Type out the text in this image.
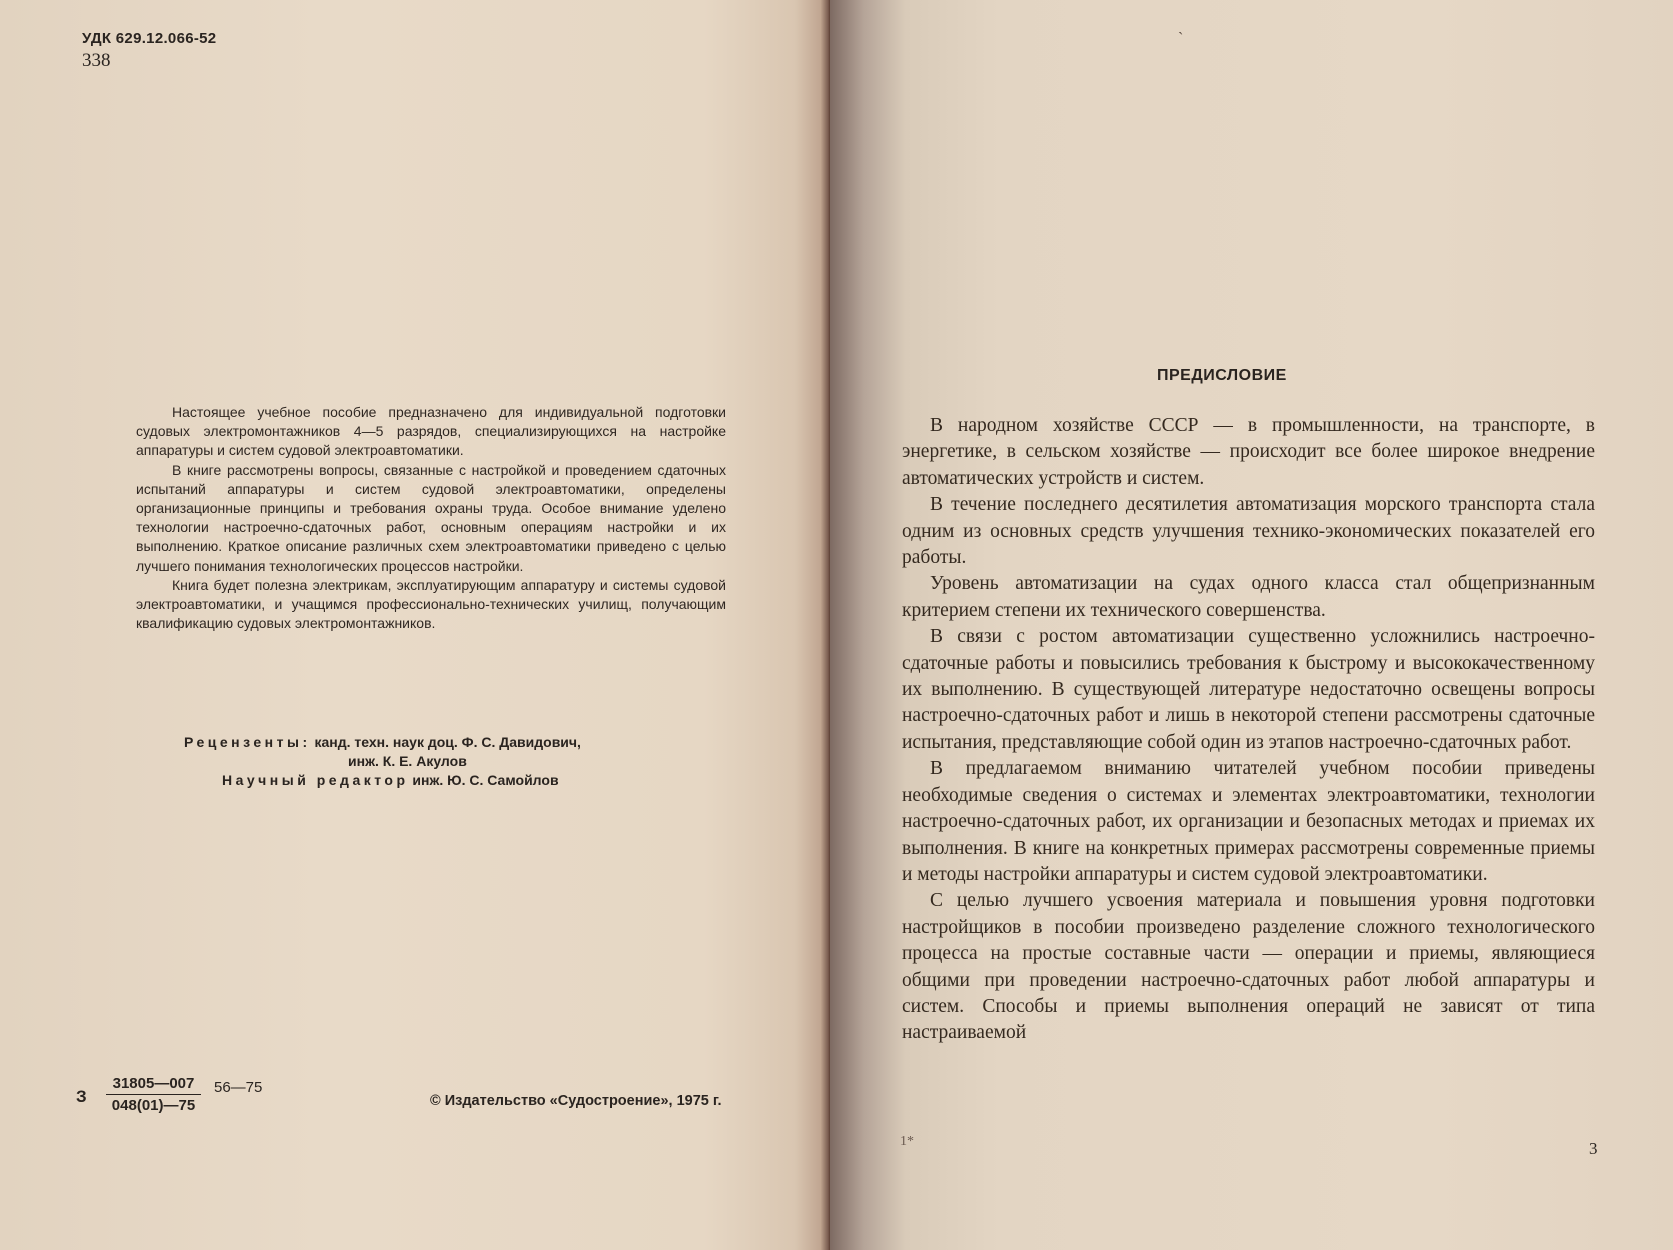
УДК 629.12.066-52
338

Настоящее учебное пособие предназначено для индивидуальной подготовки судовых электромонтажников 4—5 разрядов, специализирующихся на настройке аппаратуры и систем судовой электроавтоматики.

В книге рассмотрены вопросы, связанные с настройкой и проведением сдаточных испытаний аппаратуры и систем судовой электроавтоматики, определены организационные принципы и требования охраны труда. Особое внимание уделено технологии настроечно-сдаточных работ, основным операциям настройки и их выполнению. Краткое описание различных схем электроавтоматики приведено с целью лучшего понимания технологических процессов настройки.

Книга будет полезна электрикам, эксплуатирующим аппаратуру и системы судовой электроавтоматики, и учащимся профессионально-технических училищ, получающим квалификацию судовых электромонтажников.

Рецензенты: канд. техн. наук доц. Ф. С. Давидович,
инж. К. Е. Акулов
Научный редактор инж. Ю. С. Самойлов
З
31805—007
048(01)—75
56—75
© Издательство «Судостроение», 1975 г.
ˎ
ПРЕДИСЛОВИЕ

В народном хозяйстве СССР — в промышленности, на транспорте, в энергетике, в сельском хозяйстве — происходит все более широкое внедрение автоматических устройств и систем.

В течение последнего десятилетия автоматизация морского транспорта стала одним из основных средств улучшения технико-экономических показателей его работы.

Уровень автоматизации на судах одного класса стал общепризнанным критерием степени их технического совершенства.

В связи с ростом автоматизации существенно усложнились настроечно-сдаточные работы и повысились требования к быстрому и высококачественному их выполнению. В существующей литературе недостаточно освещены вопросы настроечно-сдаточных работ и лишь в некоторой степени рассмотрены сдаточные испытания, представляющие собой один из этапов настроечно-сдаточных работ.

В предлагаемом вниманию читателей учебном пособии приведены необходимые сведения о системах и элементах электроавтоматики, технологии настроечно-сдаточных работ, их организации и безопасных методах и приемах их выполнения. В книге на конкретных примерах рассмотрены современные приемы и методы настройки аппаратуры и систем судовой электроавтоматики.

С целью лучшего усвоения материала и повышения уровня подготовки настройщиков в пособии произведено разделение сложного технологического процесса на простые составные части — операции и приемы, являющиеся общими при проведении настроечно-сдаточных работ любой аппаратуры и систем. Способы и приемы выполнения операций не зависят от типа настраиваемой

1*	3
